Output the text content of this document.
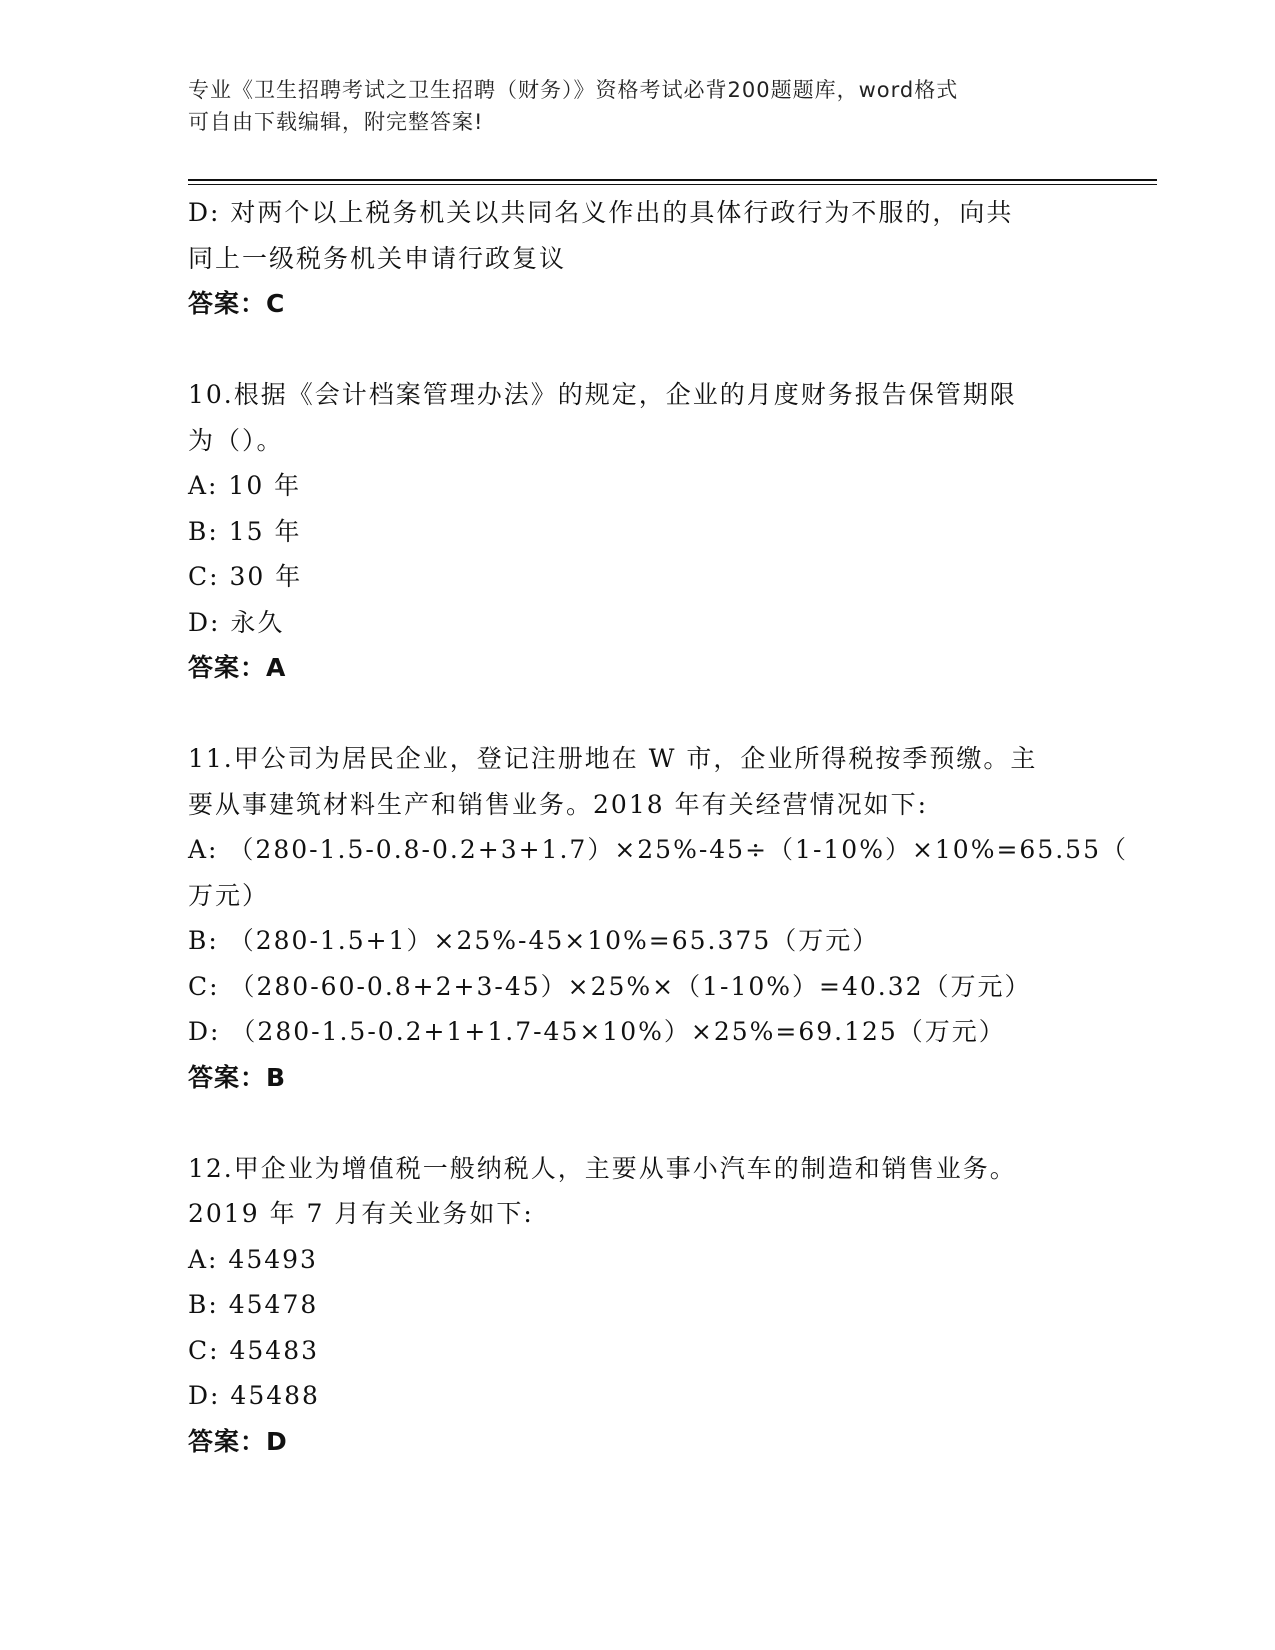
专业《卫生招聘考试之卫生招聘（财务）》资格考试必背200题题库，word格式
可自由下载编辑，附完整答案!
D: 对两个以上税务机关以共同名义作出的具体行政行为不服的，向共
同上一级税务机关申请行政复议
答案：C
10.根据《会计档案管理办法》的规定，企业的月度财务报告保管期限
为（）。
A: 10 年
B: 15 年
C: 30 年
D: 永久
答案：A
11.甲公司为居民企业，登记注册地在 W 市，企业所得税按季预缴。主
要从事建筑材料生产和销售业务。2018 年有关经营情况如下:
A: （280-1.5-0.8-0.2+3+1.7）×25%-45÷（1-10%）×10%=65.55（
万元）
B: （280-1.5+1）×25%-45×10%=65.375（万元）
C: （280-60-0.8+2+3-45）×25%×（1-10%）=40.32（万元）
D: （280-1.5-0.2+1+1.7-45×10%）×25%=69.125（万元）
答案：B
12.甲企业为增值税一般纳税人，主要从事小汽车的制造和销售业务。
2019 年 7 月有关业务如下:
A: 45493
B: 45478
C: 45483
D: 45488
答案：D
